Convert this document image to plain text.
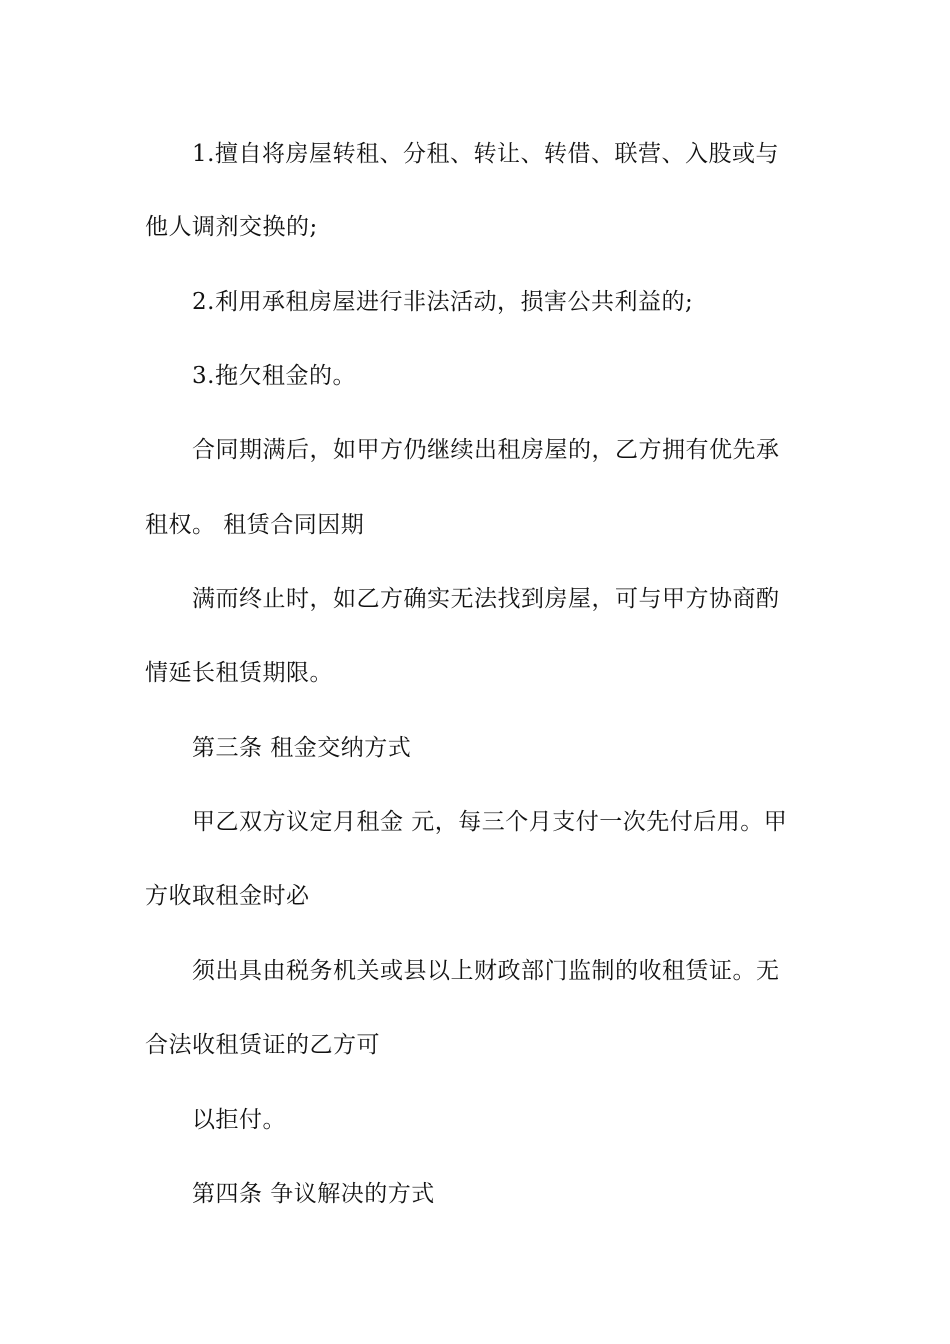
1.擅自将房屋转租、分租、转让、转借、联营、入股或与
他人调剂交换的;
2.利用承租房屋进行非法活动，损害公共利益的;
3.拖欠租金的。
合同期满后，如甲方仍继续出租房屋的，乙方拥有优先承
租权。 租赁合同因期
满而终止时，如乙方确实无法找到房屋，可与甲方协商酌
情延长租赁期限。
第三条 租金交纳方式
甲乙双方议定月租金 元，每三个月支付一次先付后用。甲
方收取租金时必
须出具由税务机关或县以上财政部门监制的收租赁证。无
合法收租赁证的乙方可
以拒付。
第四条 争议解决的方式
